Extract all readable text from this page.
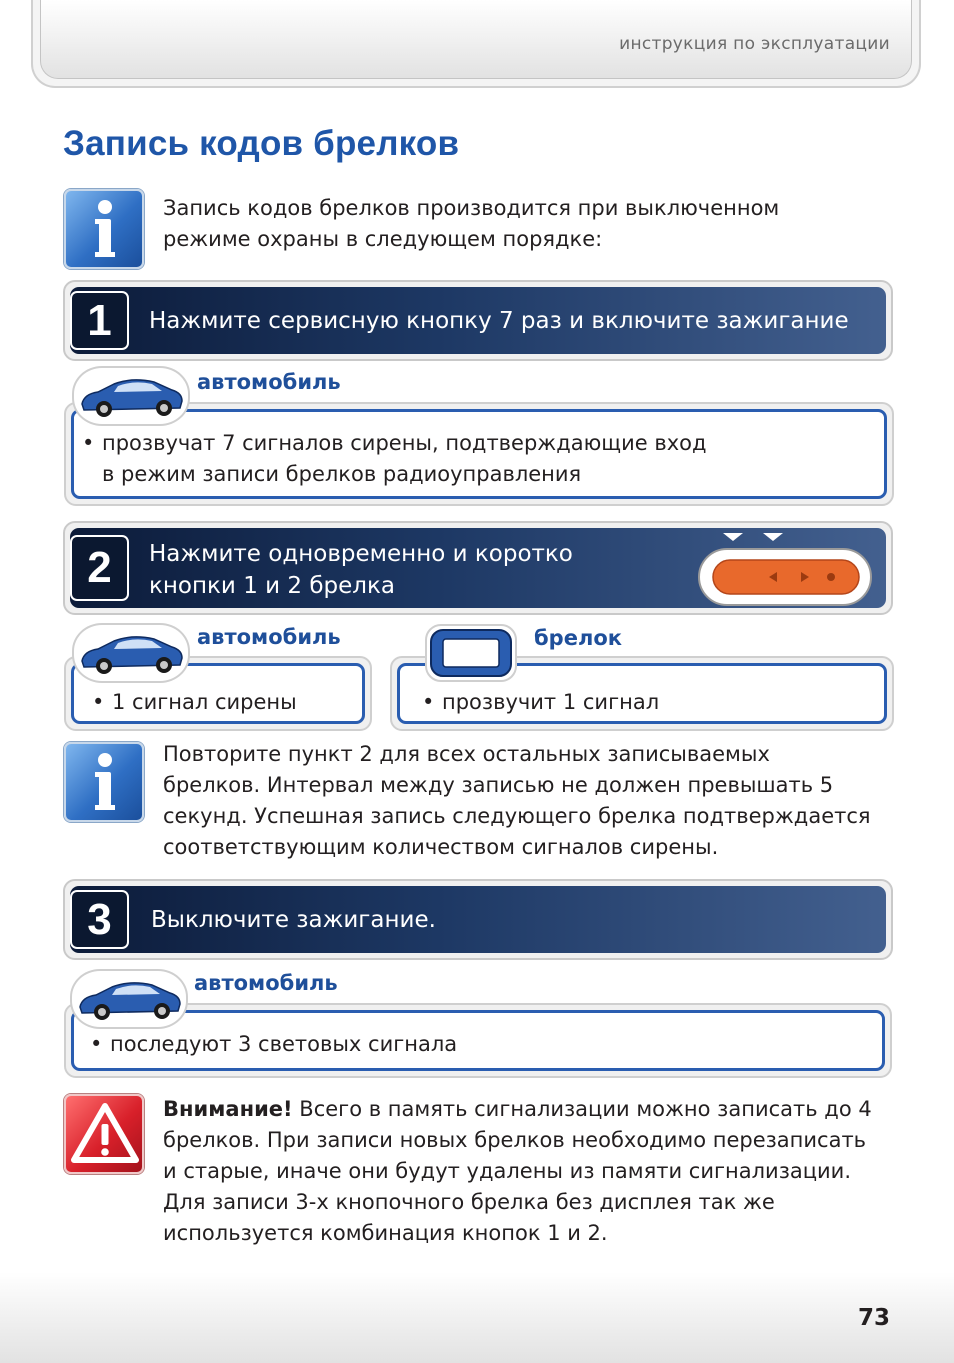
инструкция по эксплуатации
Запись кодов брелков
Запись кодов брелков производится при выключенном
режиме охраны в следующем порядке:
1	Нажмите сервисную кнопку 7 раз и включите зажигание
• прозвучат 7 сигналов сирены, подтверждающие вход
в режим записи брелков радиоуправления
автомобиль
2	Нажмите одновременно и коротко
кнопки 1 и 2 брелка
• 1 сигнал сирены
автомобиль
• прозвучит 1 сигнал
брелок
Повторите пункт 2 для всех остальных записываемых
брелков. Интервал между записью не должен превышать 5
секунд. Успешная запись следующего брелка подтверждается
соответствующим количеством сигналов сирены.
3	Выключите зажигание.
• последуют 3 световых сигнала
автомобиль
Внимание! Всего в память сигнализации можно записать до 4
брелков. При записи новых брелков необходимо перезаписать
и старые, иначе они будут удалены из памяти сигнализации.
Для записи 3-х кнопочного брелка без дисплея так же
используется комбинация кнопок 1 и 2.
73
